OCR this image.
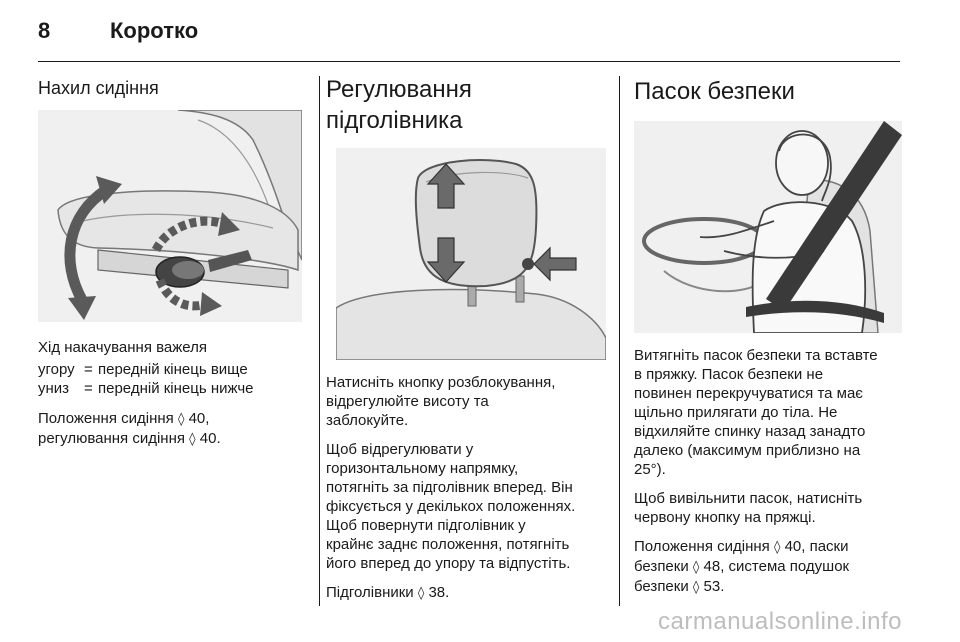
8	Коротко
Нахил сидіння

Хід накачування важеля

угору = передній кінець вище
униз = передній кінець нижче

Положення сидіння ◊ 40,

регулювання сидіння ◊ 40.

Регулювання
підголівника

Натисніть кнопку розблокування,

відрегулюйте висоту та

заблокуйте.

Щоб відрегулювати у

горизонтальному напрямку,

потягніть за підголівник вперед. Він

фіксується у декількох положеннях.

Щоб повернути підголівник у

крайнє заднє положення, потягніть

його вперед до упору та відпустіть.

Підголівники ◊ 38.

Пасок безпеки

Витягніть пасок безпеки та вставте

в пряжку. Пасок безпеки не

повинен перекручуватися та має

щільно прилягати до тіла. Не

відхиляйте спинку назад занадто

далеко (максимум приблизно на

25°).

Щоб вивільнити пасок, натисніть

червону кнопку на пряжці.

Положення сидіння ◊ 40, паски

безпеки ◊ 48, система подушок

безпеки ◊ 53.

carmanualsonline.info
